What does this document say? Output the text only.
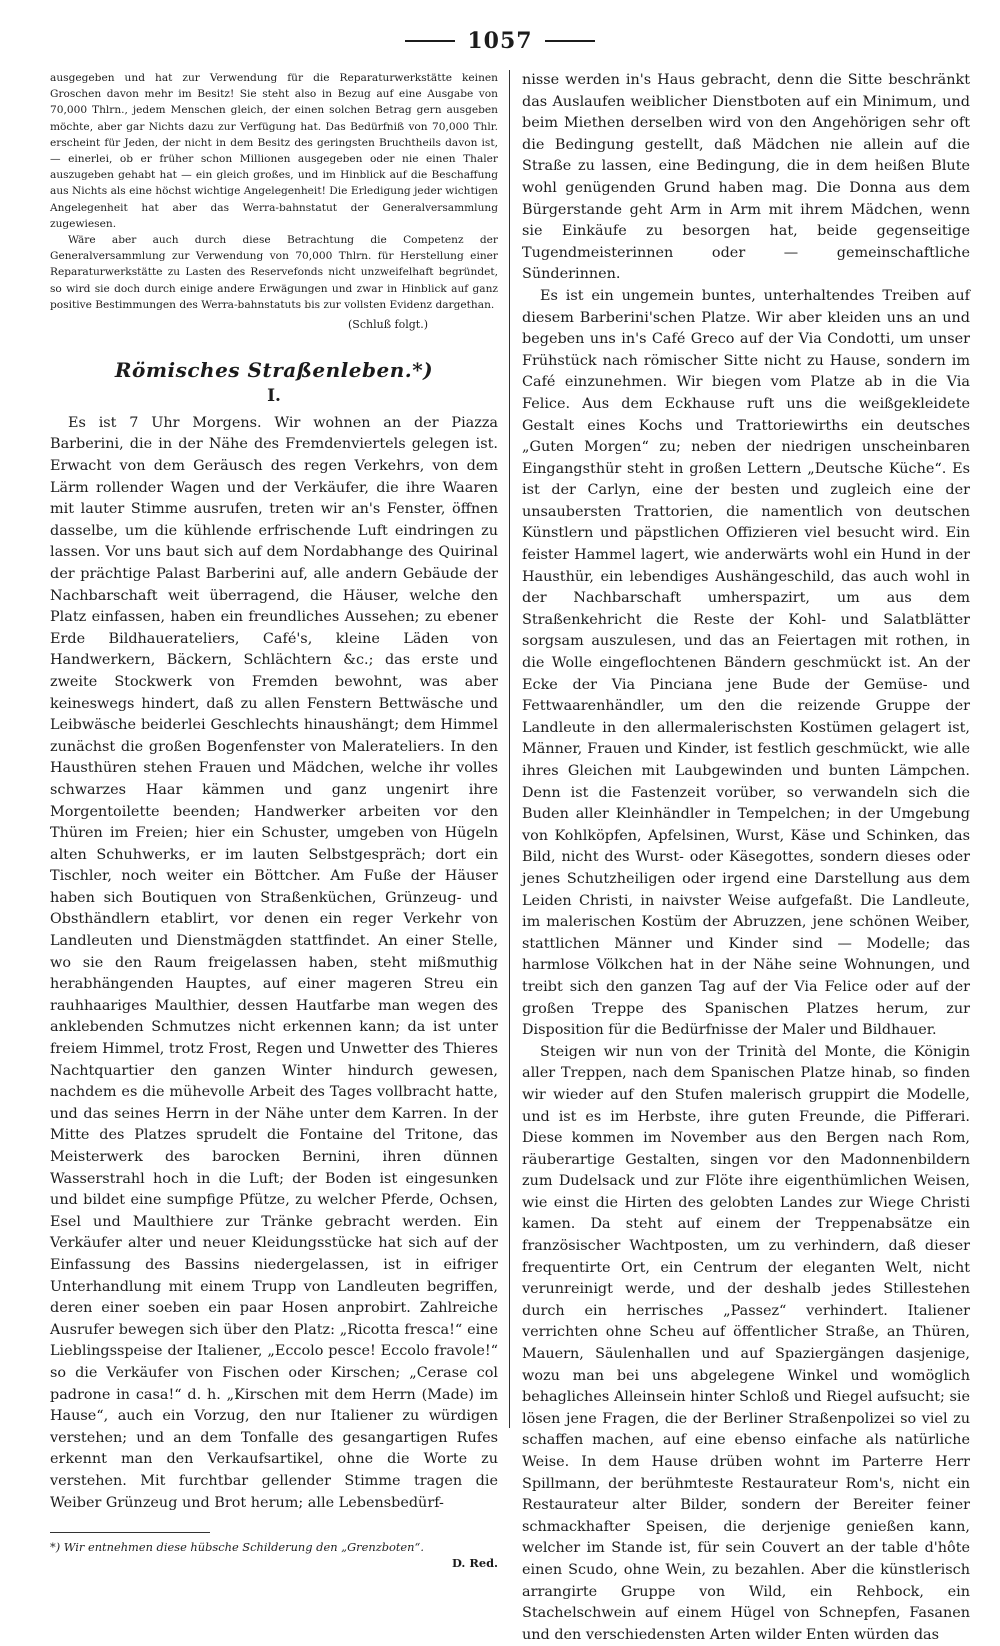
1057

ausgegeben und hat zur Verwendung für die Reparaturwerkstätte keinen Groschen davon mehr im Besitz! Sie steht also in Bezug auf eine Ausgabe von 70,000 Thlrn., jedem Menschen gleich, der einen solchen Betrag gern ausgeben möchte, aber gar Nichts dazu zur Verfügung hat. Das Bedürfniß von 70,000 Thlr. erscheint für Jeden, der nicht in dem Besitz des geringsten Bruchtheils davon ist, — einerlei, ob er früher schon Millionen ausgegeben oder nie einen Thaler auszugeben gehabt hat — ein gleich großes, und im Hinblick auf die Beschaffung aus Nichts als eine höchst wichtige Angelegenheit! Die Erledigung jeder wichtigen Angelegenheit hat aber das Werra-bahnstatut der Generalversammlung zugewiesen.

Wäre aber auch durch diese Betrachtung die Competenz der Generalversammlung zur Verwendung von 70,000 Thlrn. für Herstellung einer Reparaturwerkstätte zu Lasten des Reservefonds nicht unzweifelhaft begründet, so wird sie doch durch einige andere Erwägungen und zwar in Hinblick auf ganz positive Bestimmungen des Werra-bahnstatuts bis zur vollsten Evidenz dargethan.

(Schluß folgt.)
Römisches Straßenleben.*)
I.

Es ist 7 Uhr Morgens. Wir wohnen an der Piazza Barberini, die in der Nähe des Fremdenviertels gelegen ist. Erwacht von dem Geräusch des regen Verkehrs, von dem Lärm rollender Wagen und der Verkäufer, die ihre Waaren mit lauter Stimme ausrufen, treten wir an's Fenster, öffnen dasselbe, um die kühlende erfrischende Luft eindringen zu lassen. Vor uns baut sich auf dem Nordabhange des Quirinal der prächtige Palast Barberini auf, alle andern Gebäude der Nachbarschaft weit überragend, die Häuser, welche den Platz einfassen, haben ein freundliches Aussehen; zu ebener Erde Bildhauerateliers, Café's, kleine Läden von Handwerkern, Bäckern, Schlächtern &c.; das erste und zweite Stockwerk von Fremden bewohnt, was aber keineswegs hindert, daß zu allen Fenstern Bettwäsche und Leibwäsche beiderlei Geschlechts hinaushängt; dem Himmel zunächst die großen Bogenfenster von Malerateliers. In den Hausthüren stehen Frauen und Mädchen, welche ihr volles schwarzes Haar kämmen und ganz ungenirt ihre Morgentoilette beenden; Handwerker arbeiten vor den Thüren im Freien; hier ein Schuster, umgeben von Hügeln alten Schuhwerks, er im lauten Selbstgespräch; dort ein Tischler, noch weiter ein Böttcher. Am Fuße der Häuser haben sich Boutiquen von Straßenküchen, Grünzeug- und Obsthändlern etablirt, vor denen ein reger Verkehr von Landleuten und Dienstmägden stattfindet. An einer Stelle, wo sie den Raum freigelassen haben, steht mißmuthig herabhängenden Hauptes, auf einer mageren Streu ein rauhhaariges Maulthier, dessen Hautfarbe man wegen des anklebenden Schmutzes nicht erkennen kann; da ist unter freiem Himmel, trotz Frost, Regen und Unwetter des Thieres Nachtquartier den ganzen Winter hindurch gewesen, nachdem es die mühevolle Arbeit des Tages vollbracht hatte, und das seines Herrn in der Nähe unter dem Karren. In der Mitte des Platzes sprudelt die Fontaine del Tritone, das Meisterwerk des barocken Bernini, ihren dünnen Wasserstrahl hoch in die Luft; der Boden ist eingesunken und bildet eine sumpfige Pfütze, zu welcher Pferde, Ochsen, Esel und Maulthiere zur Tränke gebracht werden. Ein Verkäufer alter und neuer Kleidungsstücke hat sich auf der Einfassung des Bassins niedergelassen, ist in eifriger Unterhandlung mit einem Trupp von Landleuten begriffen, deren einer soeben ein paar Hosen anprobirt. Zahlreiche Ausrufer bewegen sich über den Platz: „Ricotta fresca!“ eine Lieblingsspeise der Italiener, „Eccolo pesce! Eccolo fravole!“ so die Verkäufer von Fischen oder Kirschen; „Cerase col padrone in casa!“ d. h. „Kirschen mit dem Herrn (Made) im Hause“, auch ein Vorzug, den nur Italiener zu würdigen verstehen; und an dem Tonfalle des gesangartigen Rufes erkennt man den Verkaufsartikel, ohne die Worte zu verstehen. Mit furchtbar gellender Stimme tragen die Weiber Grünzeug und Brot herum; alle Lebensbedürf-

*) Wir entnehmen diese hübsche Schilderung den „Grenzboten“.
D. Red.

nisse werden in's Haus gebracht, denn die Sitte beschränkt das Auslaufen weiblicher Dienstboten auf ein Minimum, und beim Miethen derselben wird von den Angehörigen sehr oft die Bedingung gestellt, daß Mädchen nie allein auf die Straße zu lassen, eine Bedingung, die in dem heißen Blute wohl genügenden Grund haben mag. Die Donna aus dem Bürgerstande geht Arm in Arm mit ihrem Mädchen, wenn sie Einkäufe zu besorgen hat, beide gegenseitige Tugendmeisterinnen oder — gemeinschaftliche Sünderinnen.

Es ist ein ungemein buntes, unterhaltendes Treiben auf diesem Barberini'schen Platze. Wir aber kleiden uns an und begeben uns in's Café Greco auf der Via Condotti, um unser Frühstück nach römischer Sitte nicht zu Hause, sondern im Café einzunehmen. Wir biegen vom Platze ab in die Via Felice. Aus dem Eckhause ruft uns die weißgekleidete Gestalt eines Kochs und Trattoriewirths ein deutsches „Guten Morgen“ zu; neben der niedrigen unscheinbaren Eingangsthür steht in großen Lettern „Deutsche Küche“. Es ist der Carlyn, eine der besten und zugleich eine der unsaubersten Trattorien, die namentlich von deutschen Künstlern und päpstlichen Offizieren viel besucht wird. Ein feister Hammel lagert, wie anderwärts wohl ein Hund in der Hausthür, ein lebendiges Aushängeschild, das auch wohl in der Nachbarschaft umherspazirt, um aus dem Straßenkehricht die Reste der Kohl- und Salatblätter sorgsam auszulesen, und das an Feiertagen mit rothen, in die Wolle eingeflochtenen Bändern geschmückt ist. An der Ecke der Via Pinciana jene Bude der Gemüse- und Fettwaarenhändler, um den die reizende Gruppe der Landleute in den allermalerischsten Kostümen gelagert ist, Männer, Frauen und Kinder, ist festlich geschmückt, wie alle ihres Gleichen mit Laubgewinden und bunten Lämpchen. Denn ist die Fastenzeit vorüber, so verwandeln sich die Buden aller Kleinhändler in Tempelchen; in der Umgebung von Kohlköpfen, Apfelsinen, Wurst, Käse und Schinken, das Bild, nicht des Wurst- oder Käsegottes, sondern dieses oder jenes Schutzheiligen oder irgend eine Darstellung aus dem Leiden Christi, in naivster Weise aufgefaßt. Die Landleute, im malerischen Kostüm der Abruzzen, jene schönen Weiber, stattlichen Männer und Kinder sind — Modelle; das harmlose Völkchen hat in der Nähe seine Wohnungen, und treibt sich den ganzen Tag auf der Via Felice oder auf der großen Treppe des Spanischen Platzes herum, zur Disposition für die Bedürfnisse der Maler und Bildhauer.

Steigen wir nun von der Trinità del Monte, die Königin aller Treppen, nach dem Spanischen Platze hinab, so finden wir wieder auf den Stufen malerisch gruppirt die Modelle, und ist es im Herbste, ihre guten Freunde, die Pifferari. Diese kommen im November aus den Bergen nach Rom, räuberartige Gestalten, singen vor den Madonnenbildern zum Dudelsack und zur Flöte ihre eigenthümlichen Weisen, wie einst die Hirten des gelobten Landes zur Wiege Christi kamen. Da steht auf einem der Treppenabsätze ein französischer Wachtposten, um zu verhindern, daß dieser frequentirte Ort, ein Centrum der eleganten Welt, nicht verunreinigt werde, und der deshalb jedes Stillestehen durch ein herrisches „Passez“ verhindert. Italiener verrichten ohne Scheu auf öffentlicher Straße, an Thüren, Mauern, Säulenhallen und auf Spaziergängen dasjenige, wozu man bei uns abgelegene Winkel und womöglich behagliches Alleinsein hinter Schloß und Riegel aufsucht; sie lösen jene Fragen, die der Berliner Straßenpolizei so viel zu schaffen machen, auf eine ebenso einfache als natürliche Weise. In dem Hause drüben wohnt im Parterre Herr Spillmann, der berühmteste Restaurateur Rom's, nicht ein Restaurateur alter Bilder, sondern der Bereiter feiner schmackhafter Speisen, die derjenige genießen kann, welcher im Stande ist, für sein Couvert an der table d'hôte einen Scudo, ohne Wein, zu bezahlen. Aber die künstlerisch arrangirte Gruppe von Wild, ein Rehbock, ein Stachelschwein auf einem Hügel von Schnepfen, Fasanen und den verschiedensten Arten wilder Enten würden das
